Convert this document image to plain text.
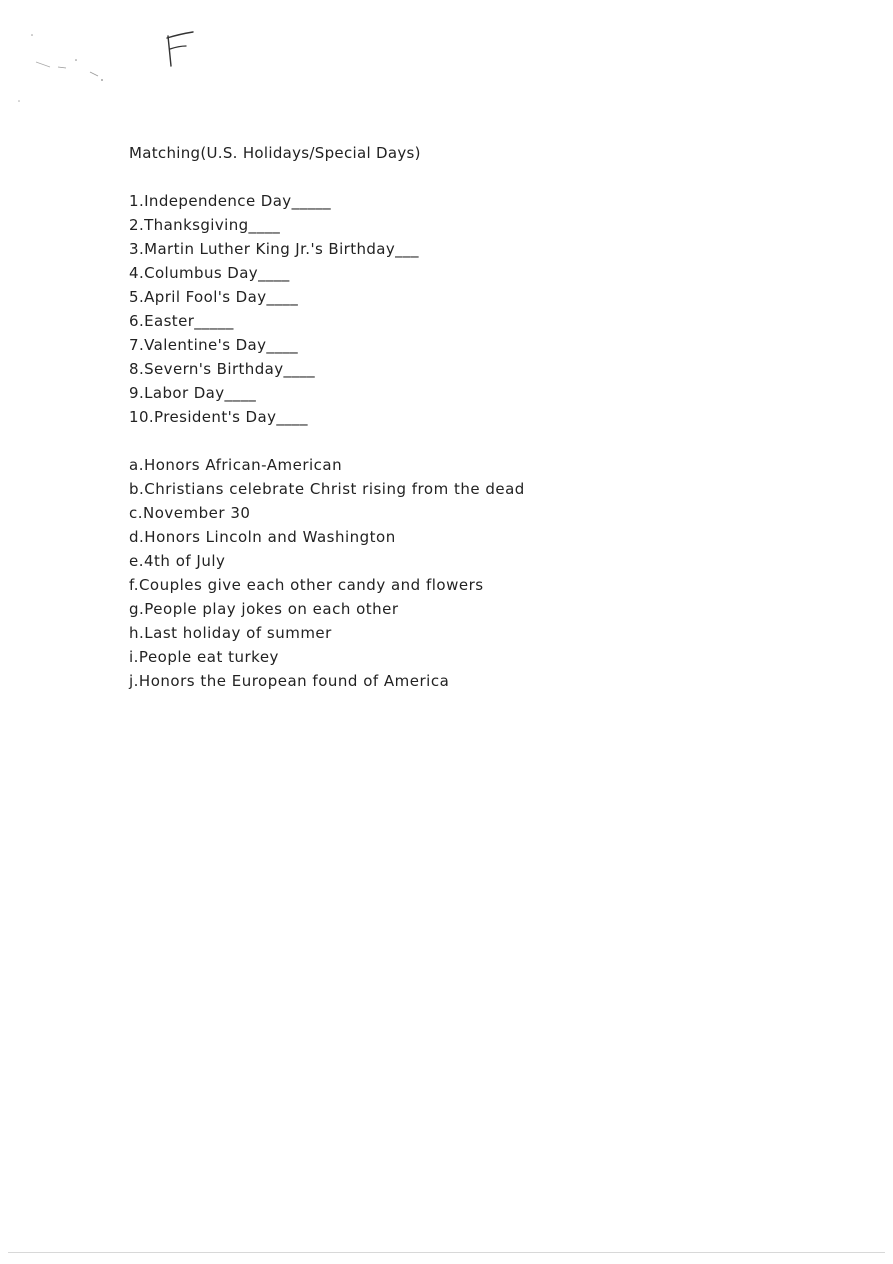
Matching(U.S. Holidays/Special Days)
1.Independence Day_____
2.Thanksgiving____
3.Martin Luther King Jr.'s Birthday___
4.Columbus Day____
5.April Fool's Day____
6.Easter_____
7.Valentine's Day____
8.Severn's Birthday____
9.Labor Day____
10.President's Day____
a.Honors African-American
b.Christians celebrate Christ rising from the dead
c.November 30
d.Honors Lincoln and Washington
e.4th of July
f.Couples give each other candy and flowers
g.People play jokes on each other
h.Last holiday of summer
i.People eat turkey
j.Honors the European found of America
